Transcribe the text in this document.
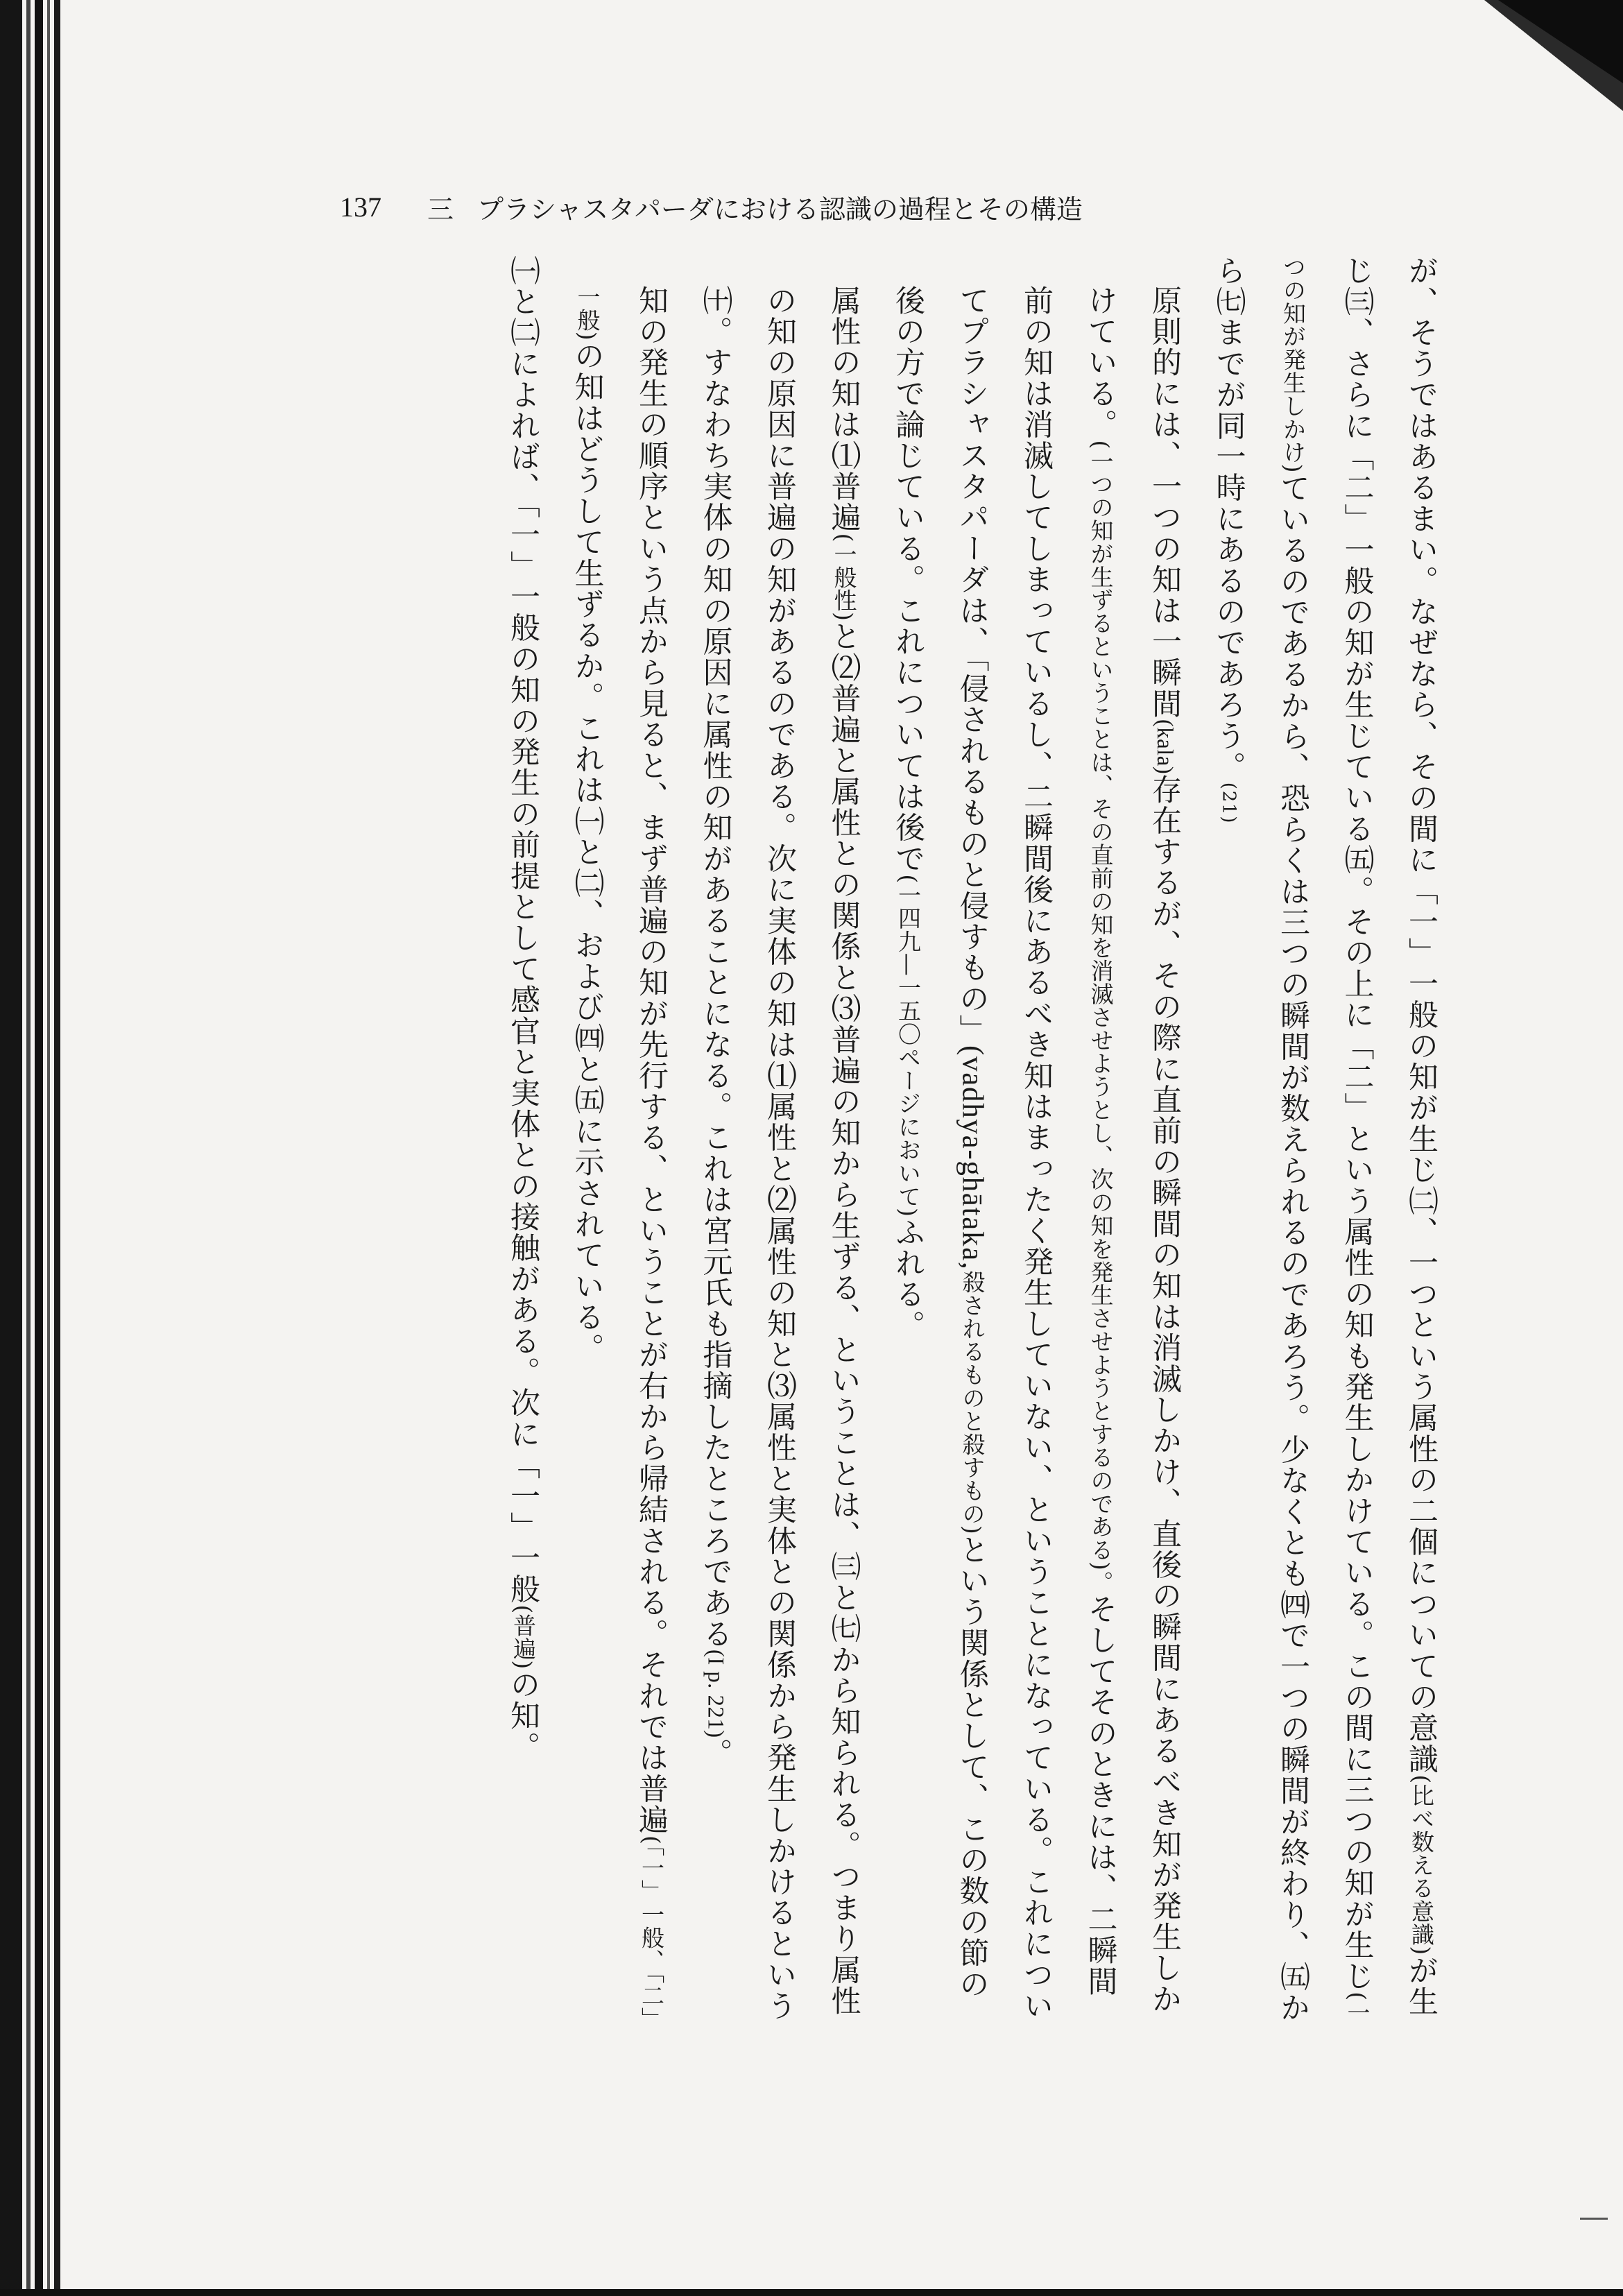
137 三 プラシャスタパーダにおける認識の過程とその構造

が、そうではあるまい。なぜなら、その間に「一」一般の知が生じ㈡、一つという属性の二個についての意識(比べ数える意識)が生じ㈢、さらに「二」一般の知が生じている㈤。その上に「二」という属性の知も発生しかけている。この間に三つの知が生じ(一つの知が発生しかけ)ているのであるから、恐らくは三つの瞬間が数えられるのであろう。少なくとも㈣で一つの瞬間が終わり、㈤から㈦までが同一時にあるのであろう。(21)

原則的には、一つの知は一瞬間(kala)存在するが、その際に直前の瞬間の知は消滅しかけ、直後の瞬間にあるべき知が発生しかけている。(一つの知が生ずるということは、その直前の知を消滅させようとし、次の知を発生させようとするのである)。そしてそのときには、二瞬間前の知は消滅してしまっているし、二瞬間後にあるべき知はまったく発生していない、ということになっている。これについてプラシャスタパーダは、「侵されるものと侵すもの」(vadhya-ghātaka,殺されるものと殺すもの)という関係として、この数の節の後の方で論じている。これについては後で(一四九—一五〇ページにおいて)ふれる。

属性の知は⑴普遍(一般性)と⑵普遍と属性との関係と⑶普遍の知から生ずる、ということは、㈢と㈦から知られる。つまり属性の知の原因に普遍の知があるのである。次に実体の知は⑴属性と⑵属性の知と⑶属性と実体との関係から発生しかけるという㈩。すなわち実体の知の原因に属性の知があることになる。これは宮元氏も指摘したところである(I p. 221)。

知の発生の順序という点から見ると、まず普遍の知が先行する、ということが右から帰結される。それでは普遍(「一」一般、「二」一般)の知はどうして生ずるか。これは㈠と㈡、および㈣と㈤に示されている。

㈠と㈡によれば、「一」一般の知の発生の前提として感官と実体との接触がある。次に「一」一般(普遍)の知。
